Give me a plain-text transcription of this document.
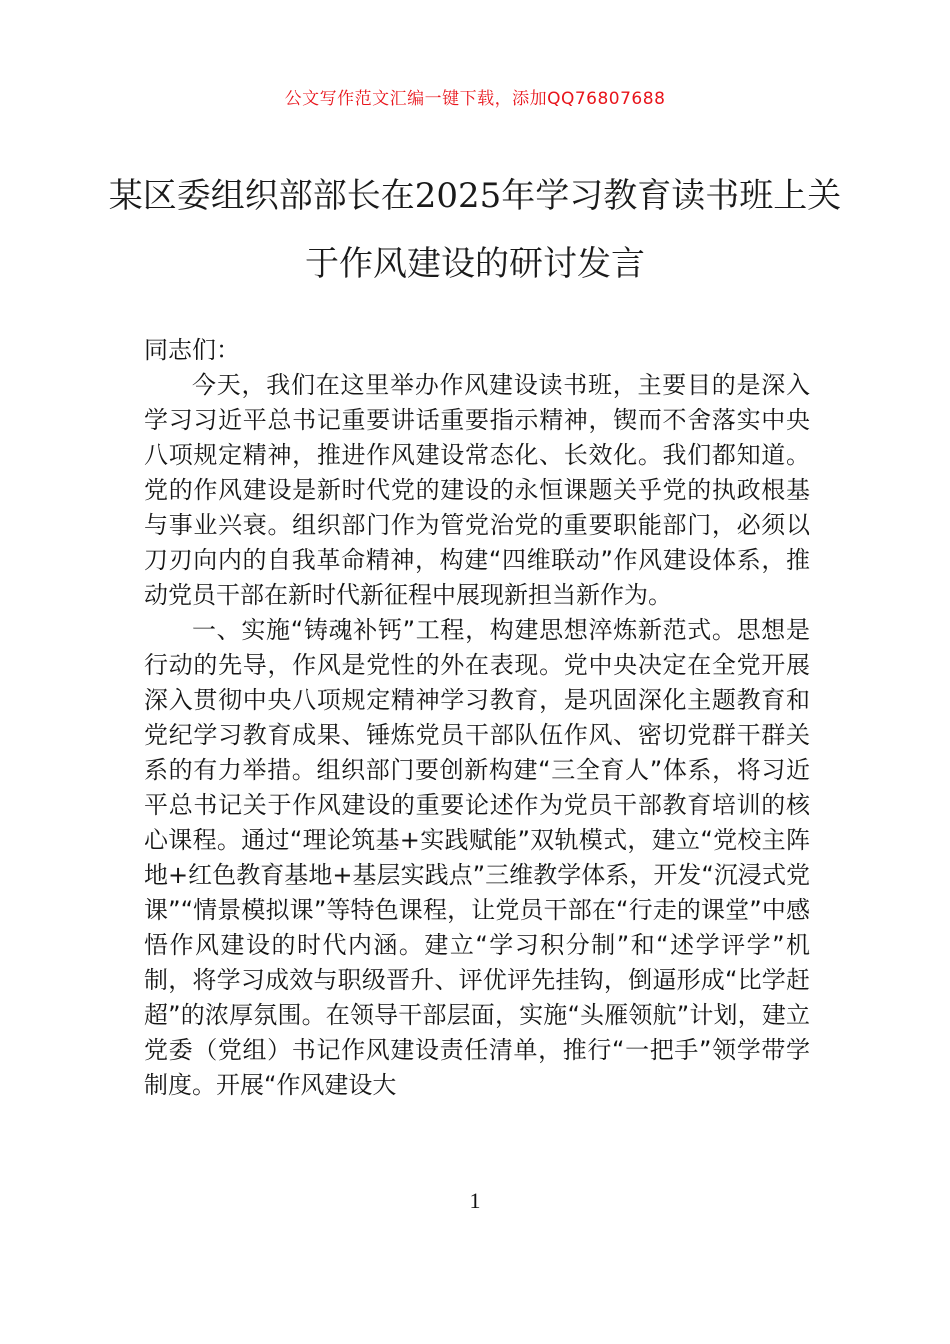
公文写作范文汇编一键下载，添加QQ76807688
某区委组织部部长在2025年学习教育读书班上关于作风建设的研讨发言

同志们：

今天，我们在这里举办作风建设读书班，主要目的是深入学习习近平总书记重要讲话重要指示精神，锲而不舍落实中央八项规定精神，推进作风建设常态化、长效化。我们都知道。党的作风建设是新时代党的建设的永恒课题关乎党的执政根基与事业兴衰。组织部门作为管党治党的重要职能部门，必须以刀刃向内的自我革命精神，构建“四维联动”作风建设体系，推动党员干部在新时代新征程中展现新担当新作为。

一、实施“铸魂补钙”工程，构建思想淬炼新范式。思想是行动的先导，作风是党性的外在表现。党中央决定在全党开展深入贯彻中央八项规定精神学习教育，是巩固深化主题教育和党纪学习教育成果、锤炼党员干部队伍作风、密切党群干群关系的有力举措。组织部门要创新构建“三全育人”体系，将习近平总书记关于作风建设的重要论述作为党员干部教育培训的核心课程。通过“理论筑基+实践赋能”双轨模式，建立“党校主阵地+红色教育基地+基层实践点”三维教学体系，开发“沉浸式党课”“情景模拟课”等特色课程，让党员干部在“行走的课堂”中感悟作风建设的时代内涵。建立“学习积分制”和“述学评学”机制，将学习成效与职级晋升、评优评先挂钩，倒逼形成“比学赶超”的浓厚氛围。在领导干部层面，实施“头雁领航”计划，建立党委（党组）书记作风建设责任清单，推行“一把手”领学带学制度。开展“作风建设大

1
